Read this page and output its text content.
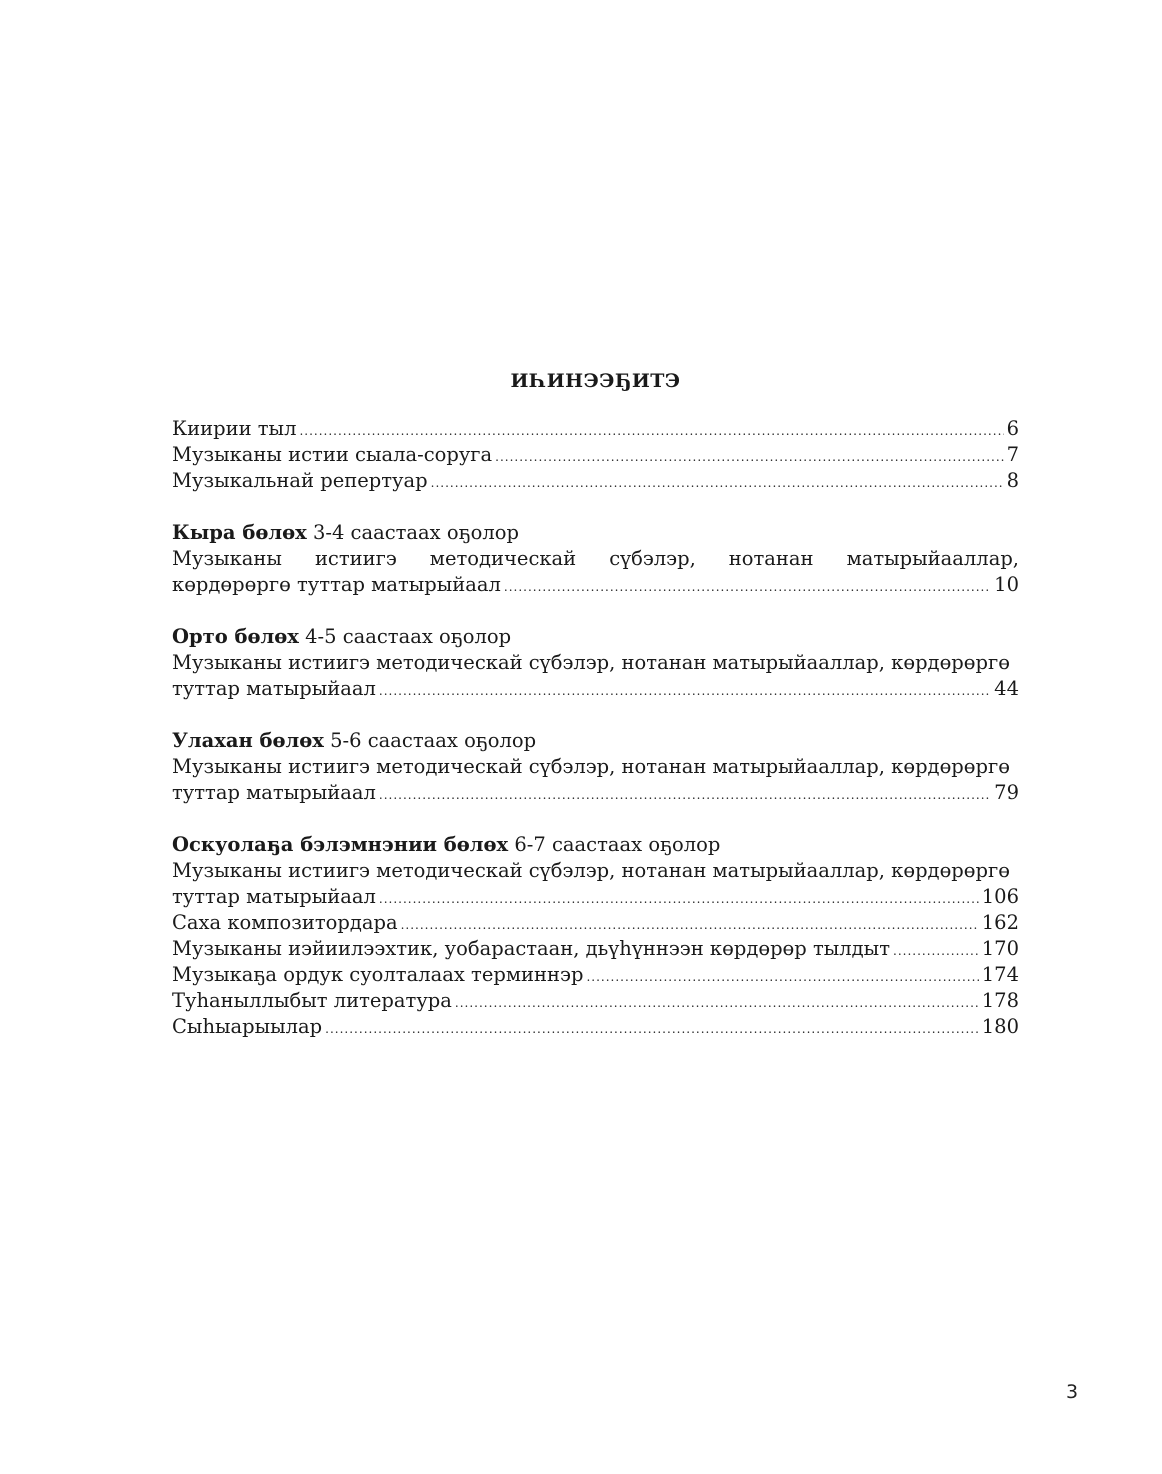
ИҺИНЭЭҔИТЭ
Киирии тыл .....	6
Музыканы истии сыала-соруга .....	7
Музыкальнай репертуар .....	8
Кыра бөлөх 3-4 саастаах оҕолор
Музыканы истиигэ методическай сүбэлэр, нотанан матырыйааллар,
көрдөрөргө туттар матырыйаал .....	10
Орто бөлөх 4-5 саастаах оҕолор
Музыканы истиигэ методическай сүбэлэр, нотанан матырыйааллар, көрдөрөргө
туттар матырыйаал .....	44
Улахан бөлөх 5-6 саастаах оҕолор
Музыканы истиигэ методическай сүбэлэр, нотанан матырыйааллар, көрдөрөргө
туттар матырыйаал .....	79
Оскуолаҕа бэлэмнэнии бөлөх 6-7 саастаах оҕолор
Музыканы истиигэ методическай сүбэлэр, нотанан матырыйааллар, көрдөрөргө
туттар матырыйаал .....	106
Саха композитордара .....	162
Музыканы иэйиилээхтик, уобарастаан, дьүһүннээн көрдөрөр тылдыт .....	170
Музыкаҕа ордук суолталаах терминнэр .....	174
Туһаныллыбыт литература .....	178
Сыһыарыылар .....	180
3
